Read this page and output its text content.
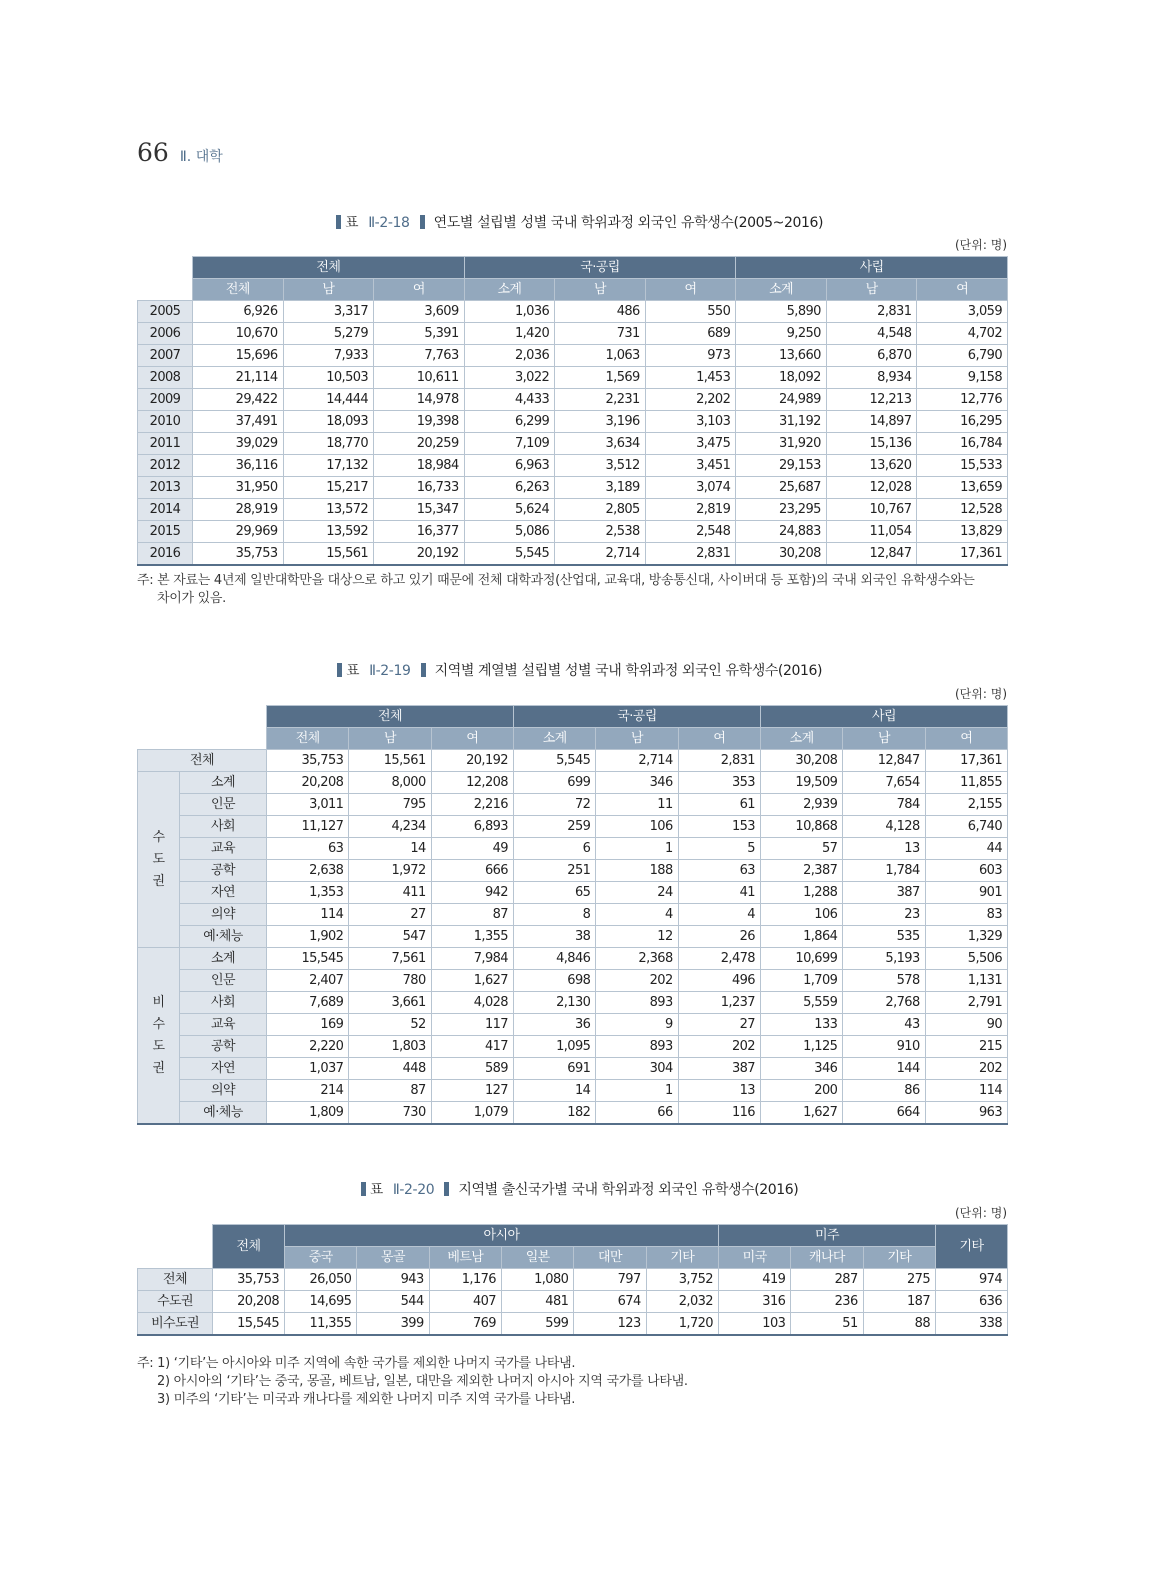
66 Ⅱ. 대학
표 Ⅱ-2-18 연도별 설립별 성별 국내 학위과정 외국인 유학생수(2005~2016)
(단위: 명)
	전체			국·공립			사립		
	전체	남	여	소계	남	여	소계	남	여
2005	6,926	3,317	3,609	1,036	486	550	5,890	2,831	3,059
2006	10,670	5,279	5,391	1,420	731	689	9,250	4,548	4,702
2007	15,696	7,933	7,763	2,036	1,063	973	13,660	6,870	6,790
2008	21,114	10,503	10,611	3,022	1,569	1,453	18,092	8,934	9,158
2009	29,422	14,444	14,978	4,433	2,231	2,202	24,989	12,213	12,776
2010	37,491	18,093	19,398	6,299	3,196	3,103	31,192	14,897	16,295
2011	39,029	18,770	20,259	7,109	3,634	3,475	31,920	15,136	16,784
2012	36,116	17,132	18,984	6,963	3,512	3,451	29,153	13,620	15,533
2013	31,950	15,217	16,733	6,263	3,189	3,074	25,687	12,028	13,659
2014	28,919	13,572	15,347	5,624	2,805	2,819	23,295	10,767	12,528
2015	29,969	13,592	16,377	5,086	2,538	2,548	24,883	11,054	13,829
2016	35,753	15,561	20,192	5,545	2,714	2,831	30,208	12,847	17,361
주: 본 자료는 4년제 일반대학만을 대상으로 하고 있기 때문에 전체 대학과정(산업대, 교육대, 방송통신대, 사이버대 등 포함)의 국내 외국인 유학생수와는
차이가 있음.
표 Ⅱ-2-19 지역별 계열별 설립별 성별 국내 학위과정 외국인 유학생수(2016)
(단위: 명)
		전체			국·공립			사립		
		전체	남	여	소계	남	여	소계	남	여
전체		35,753	15,561	20,192	5,545	2,714	2,831	30,208	12,847	17,361

수
도
권	소계	20,208	8,000	12,208	699	346	353	19,509	7,654	11,855
	인문	3,011	795	2,216	72	11	61	2,939	784	2,155
	사회	11,127	4,234	6,893	259	106	153	10,868	4,128	6,740
	교육	63	14	49	6	1	5	57	13	44
	공학	2,638	1,972	666	251	188	63	2,387	1,784	603
	자연	1,353	411	942	65	24	41	1,288	387	901
	의약	114	27	87	8	4	4	106	23	83
	예·체능	1,902	547	1,355	38	12	26	1,864	535	1,329

비
수
도
권	소계	15,545	7,561	7,984	4,846	2,368	2,478	10,699	5,193	5,506
	인문	2,407	780	1,627	698	202	496	1,709	578	1,131
	사회	7,689	3,661	4,028	2,130	893	1,237	5,559	2,768	2,791
	교육	169	52	117	36	9	27	133	43	90
	공학	2,220	1,803	417	1,095	893	202	1,125	910	215
	자연	1,037	448	589	691	304	387	346	144	202
	의약	214	87	127	14	1	13	200	86	114
	예·체능	1,809	730	1,079	182	66	116	1,627	664	963
표 Ⅱ-2-20 지역별 출신국가별 국내 학위과정 외국인 유학생수(2016)
(단위: 명)
	전체	아시아						미주			기타
		중국	몽골	베트남	일본	대만	기타	미국	캐나다	기타	
전체	35,753	26,050	943	1,176	1,080	797	3,752	419	287	275	974
수도권	20,208	14,695	544	407	481	674	2,032	316	236	187	636
비수도권	15,545	11,355	399	769	599	123	1,720	103	51	88	338
주: 1) ‘기타’는 아시아와 미주 지역에 속한 국가를 제외한 나머지 국가를 나타냄.
2) 아시아의 ‘기타’는 중국, 몽골, 베트남, 일본, 대만을 제외한 나머지 아시아 지역 국가를 나타냄.
3) 미주의 ‘기타’는 미국과 캐나다를 제외한 나머지 미주 지역 국가를 나타냄.
